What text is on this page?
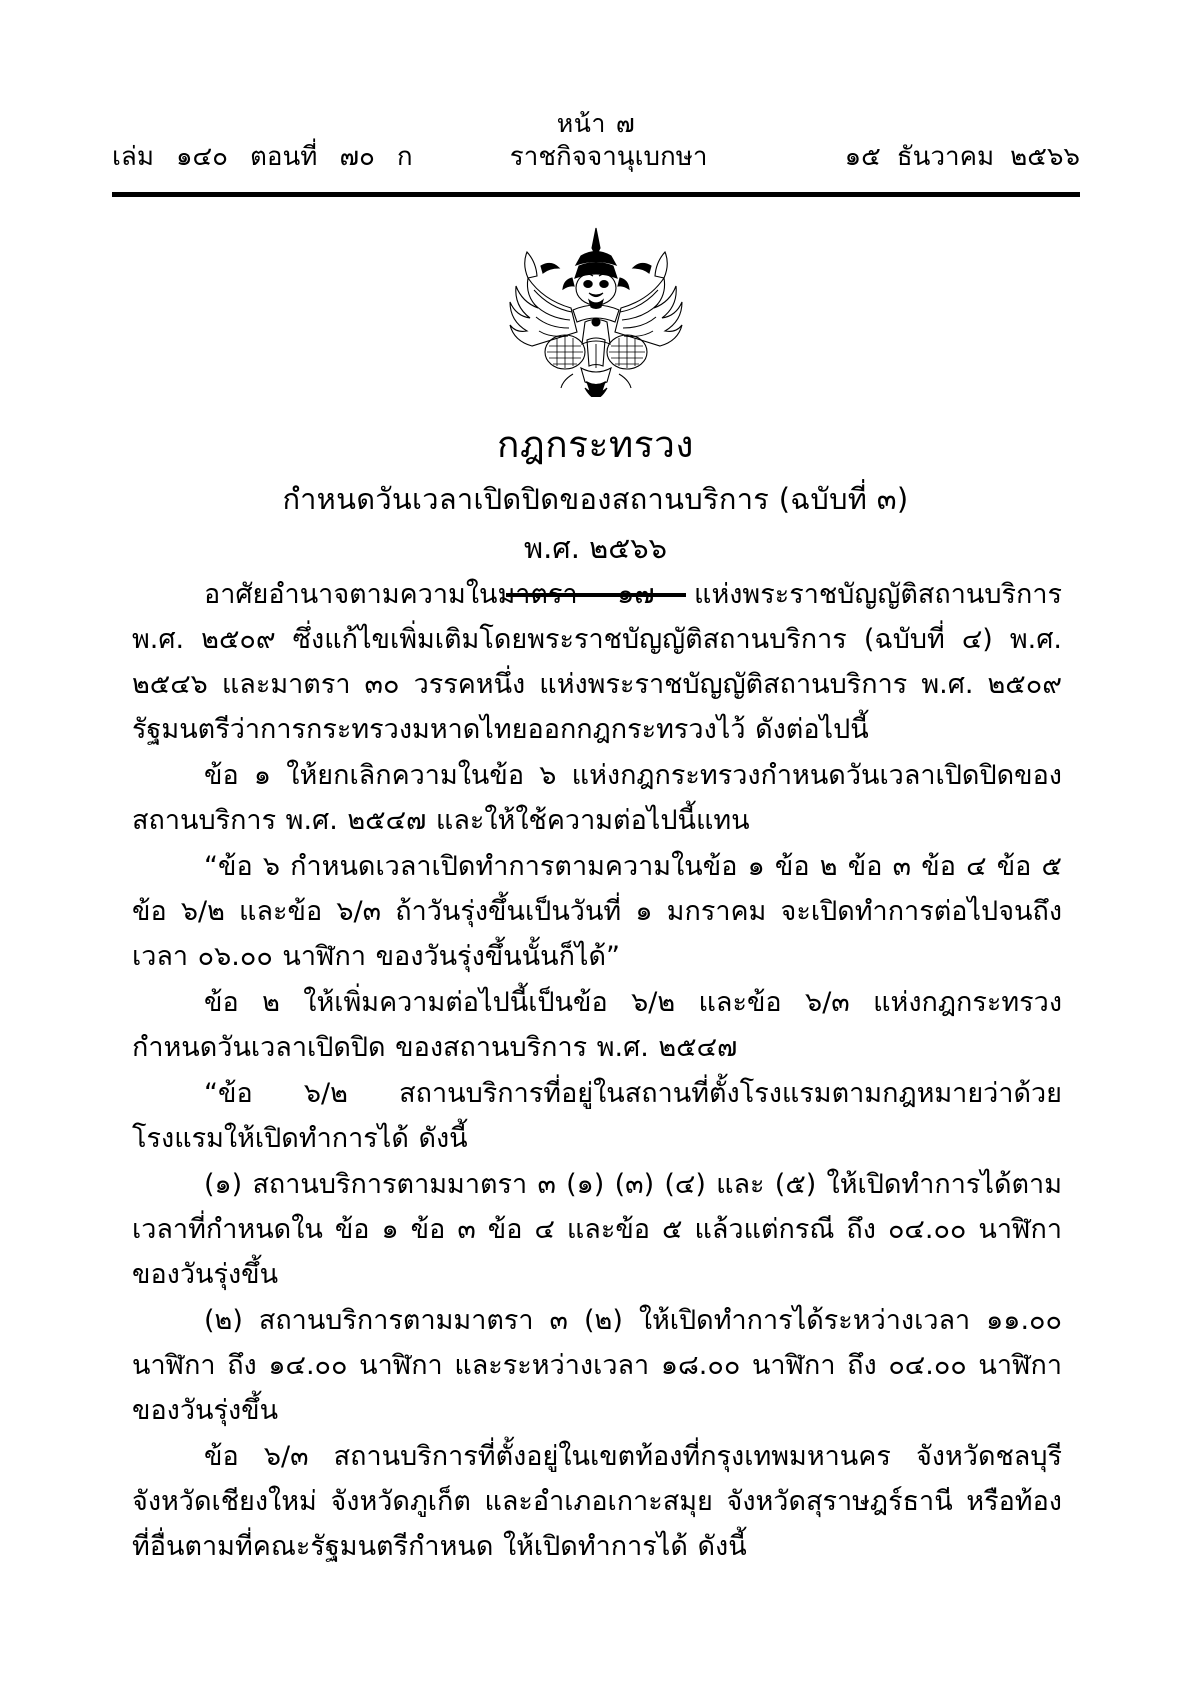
หน้า ๗
เล่ม ๑๔๐ ตอนที่ ๗๐ ก	ราชกิจจานุเบกษา	๑๕ ธันวาคม ๒๕๖๖
กฎกระทรวง
กำหนดวันเวลาเปิดปิดของสถานบริการ (ฉบับที่ ๓)
พ.ศ. ๒๕๖๖

อาศัยอำนาจตามความในมาตรา ๑๗ แห่งพระราชบัญญัติสถานบริการ พ.ศ. ๒๕๐๙ ซึ่งแก้ไขเพิ่มเติมโดยพระราชบัญญัติสถานบริการ (ฉบับที่ ๔) พ.ศ. ๒๕๔๖ และมาตรา ๓๐ วรรคหนึ่ง แห่งพระราชบัญญัติสถานบริการ พ.ศ. ๒๕๐๙ รัฐมนตรีว่าการกระทรวงมหาดไทยออกกฎกระทรวงไว้ ดังต่อไปนี้

ข้อ ๑ ให้ยกเลิกความในข้อ ๖ แห่งกฎกระทรวงกำหนดวันเวลาเปิดปิดของสถานบริการ พ.ศ. ๒๕๔๗ และให้ใช้ความต่อไปนี้แทน

“ข้อ ๖ กำหนดเวลาเปิดทำการตามความในข้อ ๑ ข้อ ๒ ข้อ ๓ ข้อ ๔ ข้อ ๕ ข้อ ๖/๒ และข้อ ๖/๓ ถ้าวันรุ่งขึ้นเป็นวันที่ ๑ มกราคม จะเปิดทำการต่อไปจนถึงเวลา ๐๖.๐๐ นาฬิกา ของวันรุ่งขึ้นนั้นก็ได้”

ข้อ ๒ ให้เพิ่มความต่อไปนี้เป็นข้อ ๖/๒ และข้อ ๖/๓ แห่งกฎกระทรวงกำหนดวันเวลาเปิดปิด ของสถานบริการ พ.ศ. ๒๕๔๗

“ข้อ ๖/๒ สถานบริการที่อยู่ในสถานที่ตั้งโรงแรมตามกฎหมายว่าด้วยโรงแรมให้เปิดทำการได้ ดังนี้

(๑) สถานบริการตามมาตรา ๓ (๑) (๓) (๔) และ (๕) ให้เปิดทำการได้ตามเวลาที่กำหนดใน ข้อ ๑ ข้อ ๓ ข้อ ๔ และข้อ ๕ แล้วแต่กรณี ถึง ๐๔.๐๐ นาฬิกา ของวันรุ่งขึ้น

(๒) สถานบริการตามมาตรา ๓ (๒) ให้เปิดทำการได้ระหว่างเวลา ๑๑.๐๐ นาฬิกา ถึง ๑๔.๐๐ นาฬิกา และระหว่างเวลา ๑๘.๐๐ นาฬิกา ถึง ๐๔.๐๐ นาฬิกา ของวันรุ่งขึ้น

ข้อ ๖/๓ สถานบริการที่ตั้งอยู่ในเขตท้องที่กรุงเทพมหานคร จังหวัดชลบุรี จังหวัดเชียงใหม่ จังหวัดภูเก็ต และอำเภอเกาะสมุย จังหวัดสุราษฎร์ธานี หรือท้องที่อื่นตามที่คณะรัฐมนตรีกำหนด ให้เปิดทำการได้ ดังนี้
